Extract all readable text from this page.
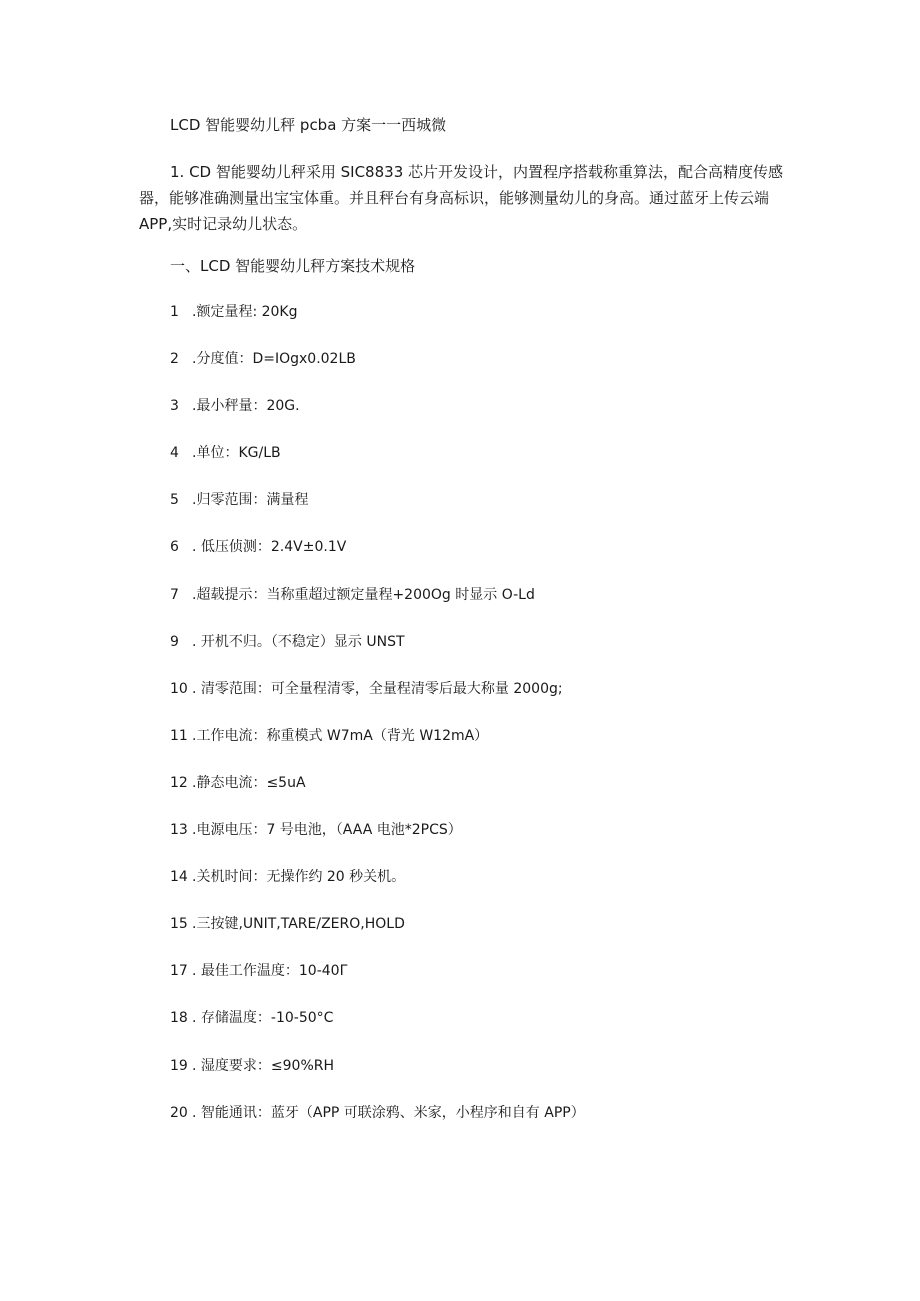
LCD 智能婴幼儿秤 pcba 方案一一西城微

1. CD 智能婴幼儿秤采用 SIC8833 芯片开发设计，内置程序搭载称重算法，配合高精度传感器，能够准确测量出宝宝体重。并且秤台有身高标识，能够测量幼儿的身高。通过蓝牙上传云端 APP,实时记录幼儿状态。

一、LCD 智能婴幼儿秤方案技术规格
1 .额定量程: 20Kg
2 .分度值：D=IOgx0.02LB
3 .最小秤量：20G.
4 .单位：KG/LB
5 .归零范围：满量程
6 . 低压侦测：2.4V±0.1V
7 .超载提示：当称重超过额定量程+200Og 时显示 O-Ld
9 . 开机不归。（不稳定）显示 UNST
10 . 清零范围：可全量程清零，全量程清零后最大称量 2000g;
11 .工作电流：称重模式 W7mA（背光 W12mA）
12 .静态电流：≤5uA
13 .电源电压：7 号电池，（AAA 电池*2PCS）
14 .关机时间：无操作约 20 秒关机。
15 .三按键,UNIT,TARE/ZERO,HOLD
17 . 最佳工作温度：10-40Γ
18 . 存储温度：-10-50°C
19 . 湿度要求：≤90%RH
20 . 智能通讯：蓝牙（APP 可联涂鸦、米家，小程序和自有 APP）
